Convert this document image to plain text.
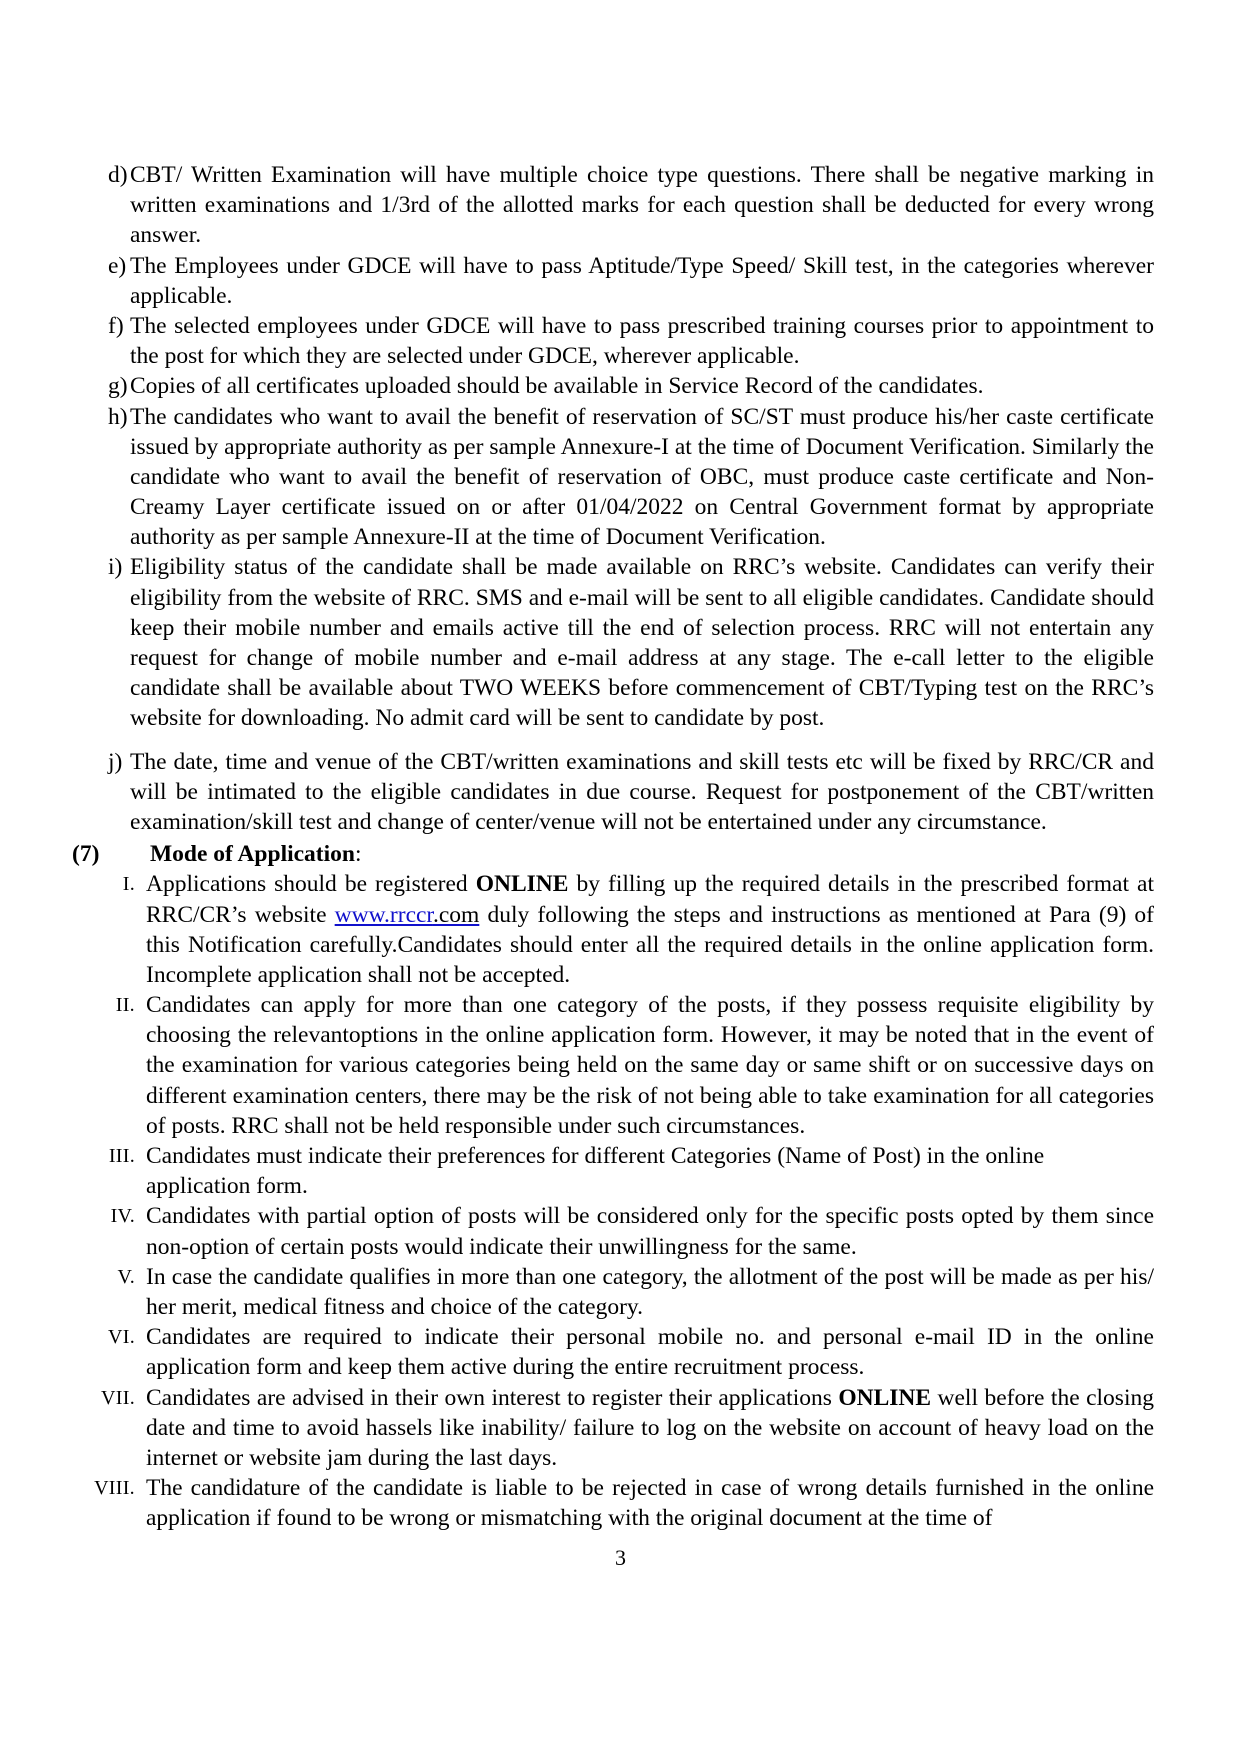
d) CBT/ Written Examination will have multiple choice type questions. There shall be negative marking in written examinations and 1/3rd of the allotted marks for each question shall be deducted for every wrong answer.
e) The Employees under GDCE will have to pass Aptitude/Type Speed/ Skill test, in the categories wherever applicable.
f) The selected employees under GDCE will have to pass prescribed training courses prior to appointment to the post for which they are selected under GDCE, wherever applicable.
g) Copies of all certificates uploaded should be available in Service Record of the candidates.
h) The candidates who want to avail the benefit of reservation of SC/ST must produce his/her caste certificate issued by appropriate authority as per sample Annexure-I at the time of Document Verification. Similarly the candidate who want to avail the benefit of reservation of OBC, must produce caste certificate and Non-Creamy Layer certificate issued on or after 01/04/2022 on Central Government format by appropriate authority as per sample Annexure-II at the time of Document Verification.
i) Eligibility status of the candidate shall be made available on RRC’s website. Candidates can verify their eligibility from the website of RRC. SMS and e-mail will be sent to all eligible candidates. Candidate should keep their mobile number and emails active till the end of selection process. RRC will not entertain any request for change of mobile number and e-mail address at any stage. The e-call letter to the eligible candidate shall be available about TWO WEEKS before commencement of CBT/Typing test on the RRC’s website for downloading. No admit card will be sent to candidate by post.
j) The date, time and venue of the CBT/written examinations and skill tests etc will be fixed by RRC/CR and will be intimated to the eligible candidates in due course. Request for postponement of the CBT/written examination/skill test and change of center/venue will not be entertained under any circumstance.
(7)	Mode of Application:
I. Applications should be registered ONLINE by filling up the required details in the prescribed format at RRC/CR’s website www.rrccr.com duly following the steps and instructions as mentioned at Para (9) of this Notification carefully.Candidates should enter all the required details in the online application form. Incomplete application shall not be accepted.
II. Candidates can apply for more than one category of the posts, if they possess requisite eligibility by choosing the relevantoptions in the online application form. However, it may be noted that in the event of the examination for various categories being held on the same day or same shift or on successive days on different examination centers, there may be the risk of not being able to take examination for all categories of posts. RRC shall not be held responsible under such circumstances.
III. Candidates must indicate their preferences for different Categories (Name of Post) in the online application form.
IV. Candidates with partial option of posts will be considered only for the specific posts opted by them since non-option of certain posts would indicate their unwillingness for the same.
V. In case the candidate qualifies in more than one category, the allotment of the post will be made as per his/ her merit, medical fitness and choice of the category.
VI. Candidates are required to indicate their personal mobile no. and personal e-mail ID in the online application form and keep them active during the entire recruitment process.
VII. Candidates are advised in their own interest to register their applications ONLINE well before the closing date and time to avoid hassels like inability/ failure to log on the website on account of heavy load on the internet or website jam during the last days.
VIII. The candidature of the candidate is liable to be rejected in case of wrong details furnished in the online application if found to be wrong or mismatching with the original document at the time of
3
